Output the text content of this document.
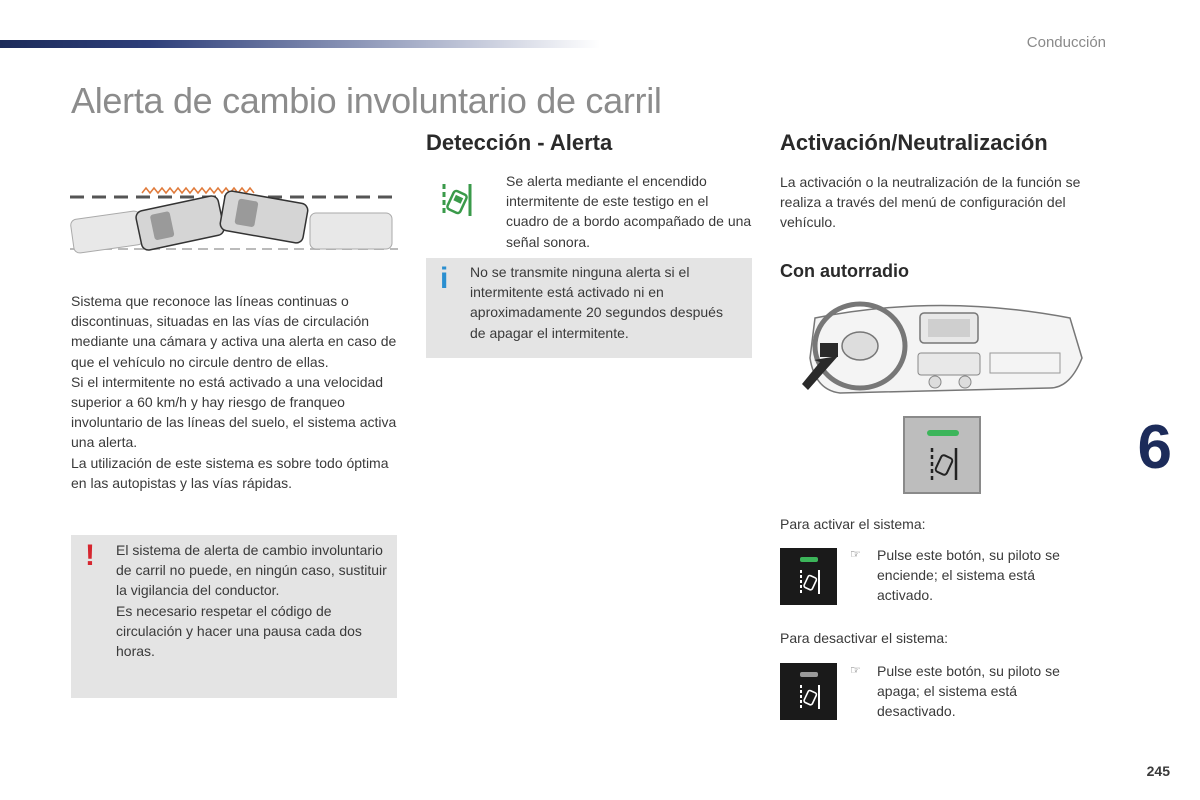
Conducción
Alerta de cambio involuntario de carril

Sistema que reconoce las líneas continuas o discontinuas, situadas en las vías de circulación mediante una cámara y activa una alerta en caso de que el vehículo no circule dentro de ellas.

Si el intermitente no está activado a una velocidad superior a 60 km/h y hay riesgo de franqueo involuntario de las líneas del suelo, el sistema activa una alerta.

La utilización de este sistema es sobre todo óptima en las autopistas y las vías rápidas.

! El sistema de alerta de cambio involuntario de carril no puede, en ningún caso, sustituir la vigilancia del conductor.

Es necesario respetar el código de circulación y hacer una pausa cada dos horas.

Detección - Alerta
Se alerta mediante el encendido intermitente de este testigo en el cuadro de a bordo acompañado de una señal sonora.
i No se transmite ninguna alerta si el intermitente está activado ni en aproximadamente 20 segundos después de apagar el intermitente.
Activación/Neutralización
La activación o la neutralización de la función se realiza a través del menú de configuración del vehículo.
Con autorradio
Para activar el sistema:
☞ Pulse este botón, su piloto se enciende; el sistema está activado.
Para desactivar el sistema:
☞ Pulse este botón, su piloto se apaga; el sistema está desactivado.
6
245
